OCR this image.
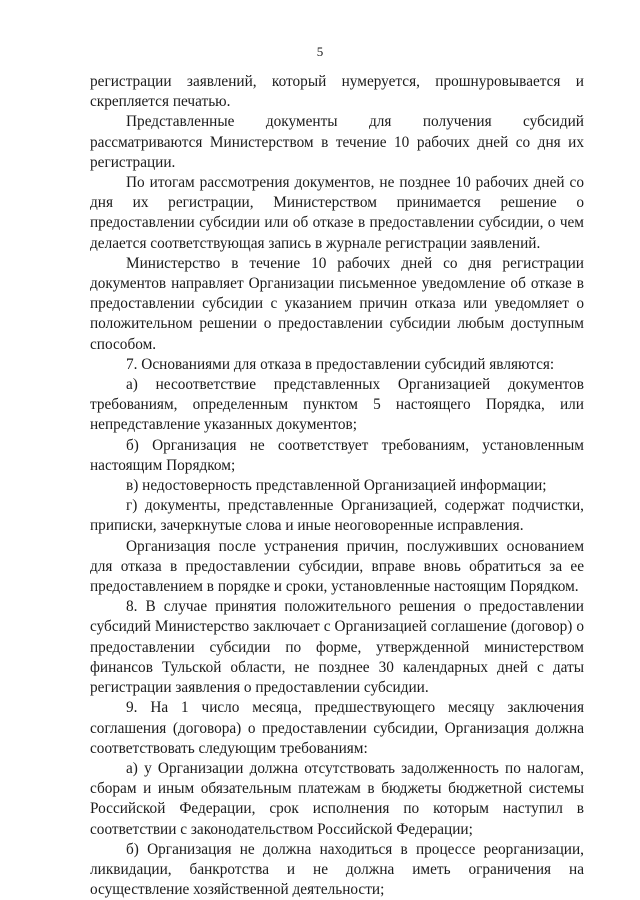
5

регистрации заявлений, который нумеруется, прошнуровывается и скрепляется печатью.

Представленные документы для получения субсидий рассматриваются Министерством в течение 10 рабочих дней со дня их регистрации.

По итогам рассмотрения документов, не позднее 10 рабочих дней со дня их регистрации, Министерством принимается решение о предоставлении субсидии или об отказе в предоставлении субсидии, о чем делается соответствующая запись в журнале регистрации заявлений.

Министерство в течение 10 рабочих дней со дня регистрации документов направляет Организации письменное уведомление об отказе в предоставлении субсидии с указанием причин отказа или уведомляет о положительном решении о предоставлении субсидии любым доступным способом.

7. Основаниями для отказа в предоставлении субсидий являются:

а) несоответствие представленных Организацией документов требованиям, определенным пунктом 5 настоящего Порядка, или непредставление указанных документов;

б) Организация не соответствует требованиям, установленным настоящим Порядком;

в) недостоверность представленной Организацией информации;

г) документы, представленные Организацией, содержат подчистки, приписки, зачеркнутые слова и иные неоговоренные исправления.

Организация после устранения причин, послуживших основанием для отказа в предоставлении субсидии, вправе вновь обратиться за ее предоставлением в порядке и сроки, установленные настоящим Порядком.

8. В случае принятия положительного решения о предоставлении субсидий Министерство заключает с Организацией соглашение (договор) о предоставлении субсидии по форме, утвержденной министерством финансов Тульской области, не позднее 30 календарных дней с даты регистрации заявления о предоставлении субсидии.

9. На 1 число месяца, предшествующего месяцу заключения соглашения (договора) о предоставлении субсидии, Организация должна соответствовать следующим требованиям:

а) у Организации должна отсутствовать задолженность по налогам, сборам и иным обязательным платежам в бюджеты бюджетной системы Российской Федерации, срок исполнения по которым наступил в соответствии с законодательством Российской Федерации;

б) Организация не должна находиться в процессе реорганизации, ликвидации, банкротства и не должна иметь ограничения на осуществление хозяйственной деятельности;
